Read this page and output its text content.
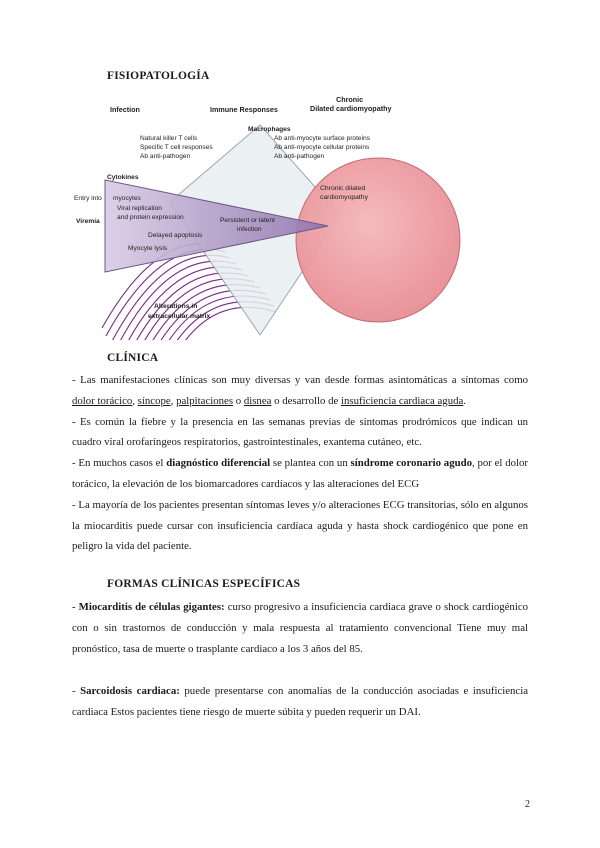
FISIOPATOLOGÍA
Infection	Immune Responses
Chronic
Dilated cardiomyopathy
Macrophages
Natural killer T cells
Specific T cell responses
Ab anti-pathogen
Ab anti-myocyte surface proteins
Ab anti-myocyte cellular proteins
Ab anti-pathogen
Cytokines
Entry into myocytes
Viral replication
and protein expression
Viremia
Delayed apoptosis
Myocyte lysis
Persistent or latent
infection
Chronic dilated
cardiomyopathy
Alterations in
extracellular matrix
CLÍNICA

- Las manifestaciones clínicas son muy diversas y van desde formas asintomáticas a síntomas como dolor torácico, síncope, palpitaciones o disnea o desarrollo de insuficiencia cardiaca aguda.

- Es común la fiebre y la presencia en las semanas previas de síntomas prodrómicos que indican un cuadro viral orofaríngeos respiratorios, gastrointestinales, exantema cutáneo, etc.

- En muchos casos el diagnóstico diferencial se plantea con un síndrome coronario agudo, por el dolor torácico, la elevación de los biomarcadores cardíacos y las alteraciones del ECG

- La mayoría de los pacientes presentan síntomas leves y/o alteraciones ECG transitorias, sólo en algunos la miocarditis puede cursar con insuficiencia cardíaca aguda y hasta shock cardiogénico que pone en peligro la vida del paciente.

FORMAS CLÍNICAS ESPECÍFICAS

- Miocarditis de células gigantes: curso progresivo a insuficiencia cardiaca grave o shock cardiogénico con o sin trastornos de conducción y mala respuesta al tratamiento convencional Tiene muy mal pronóstico, tasa de muerte o trasplante cardiaco a los 3 años del 85.

- Sarcoidosis cardiaca: puede presentarse con anomalías de la conducción asociadas e insuficiencia cardiaca Estos pacientes tiene riesgo de muerte súbita y pueden requerir un DAI.

2
